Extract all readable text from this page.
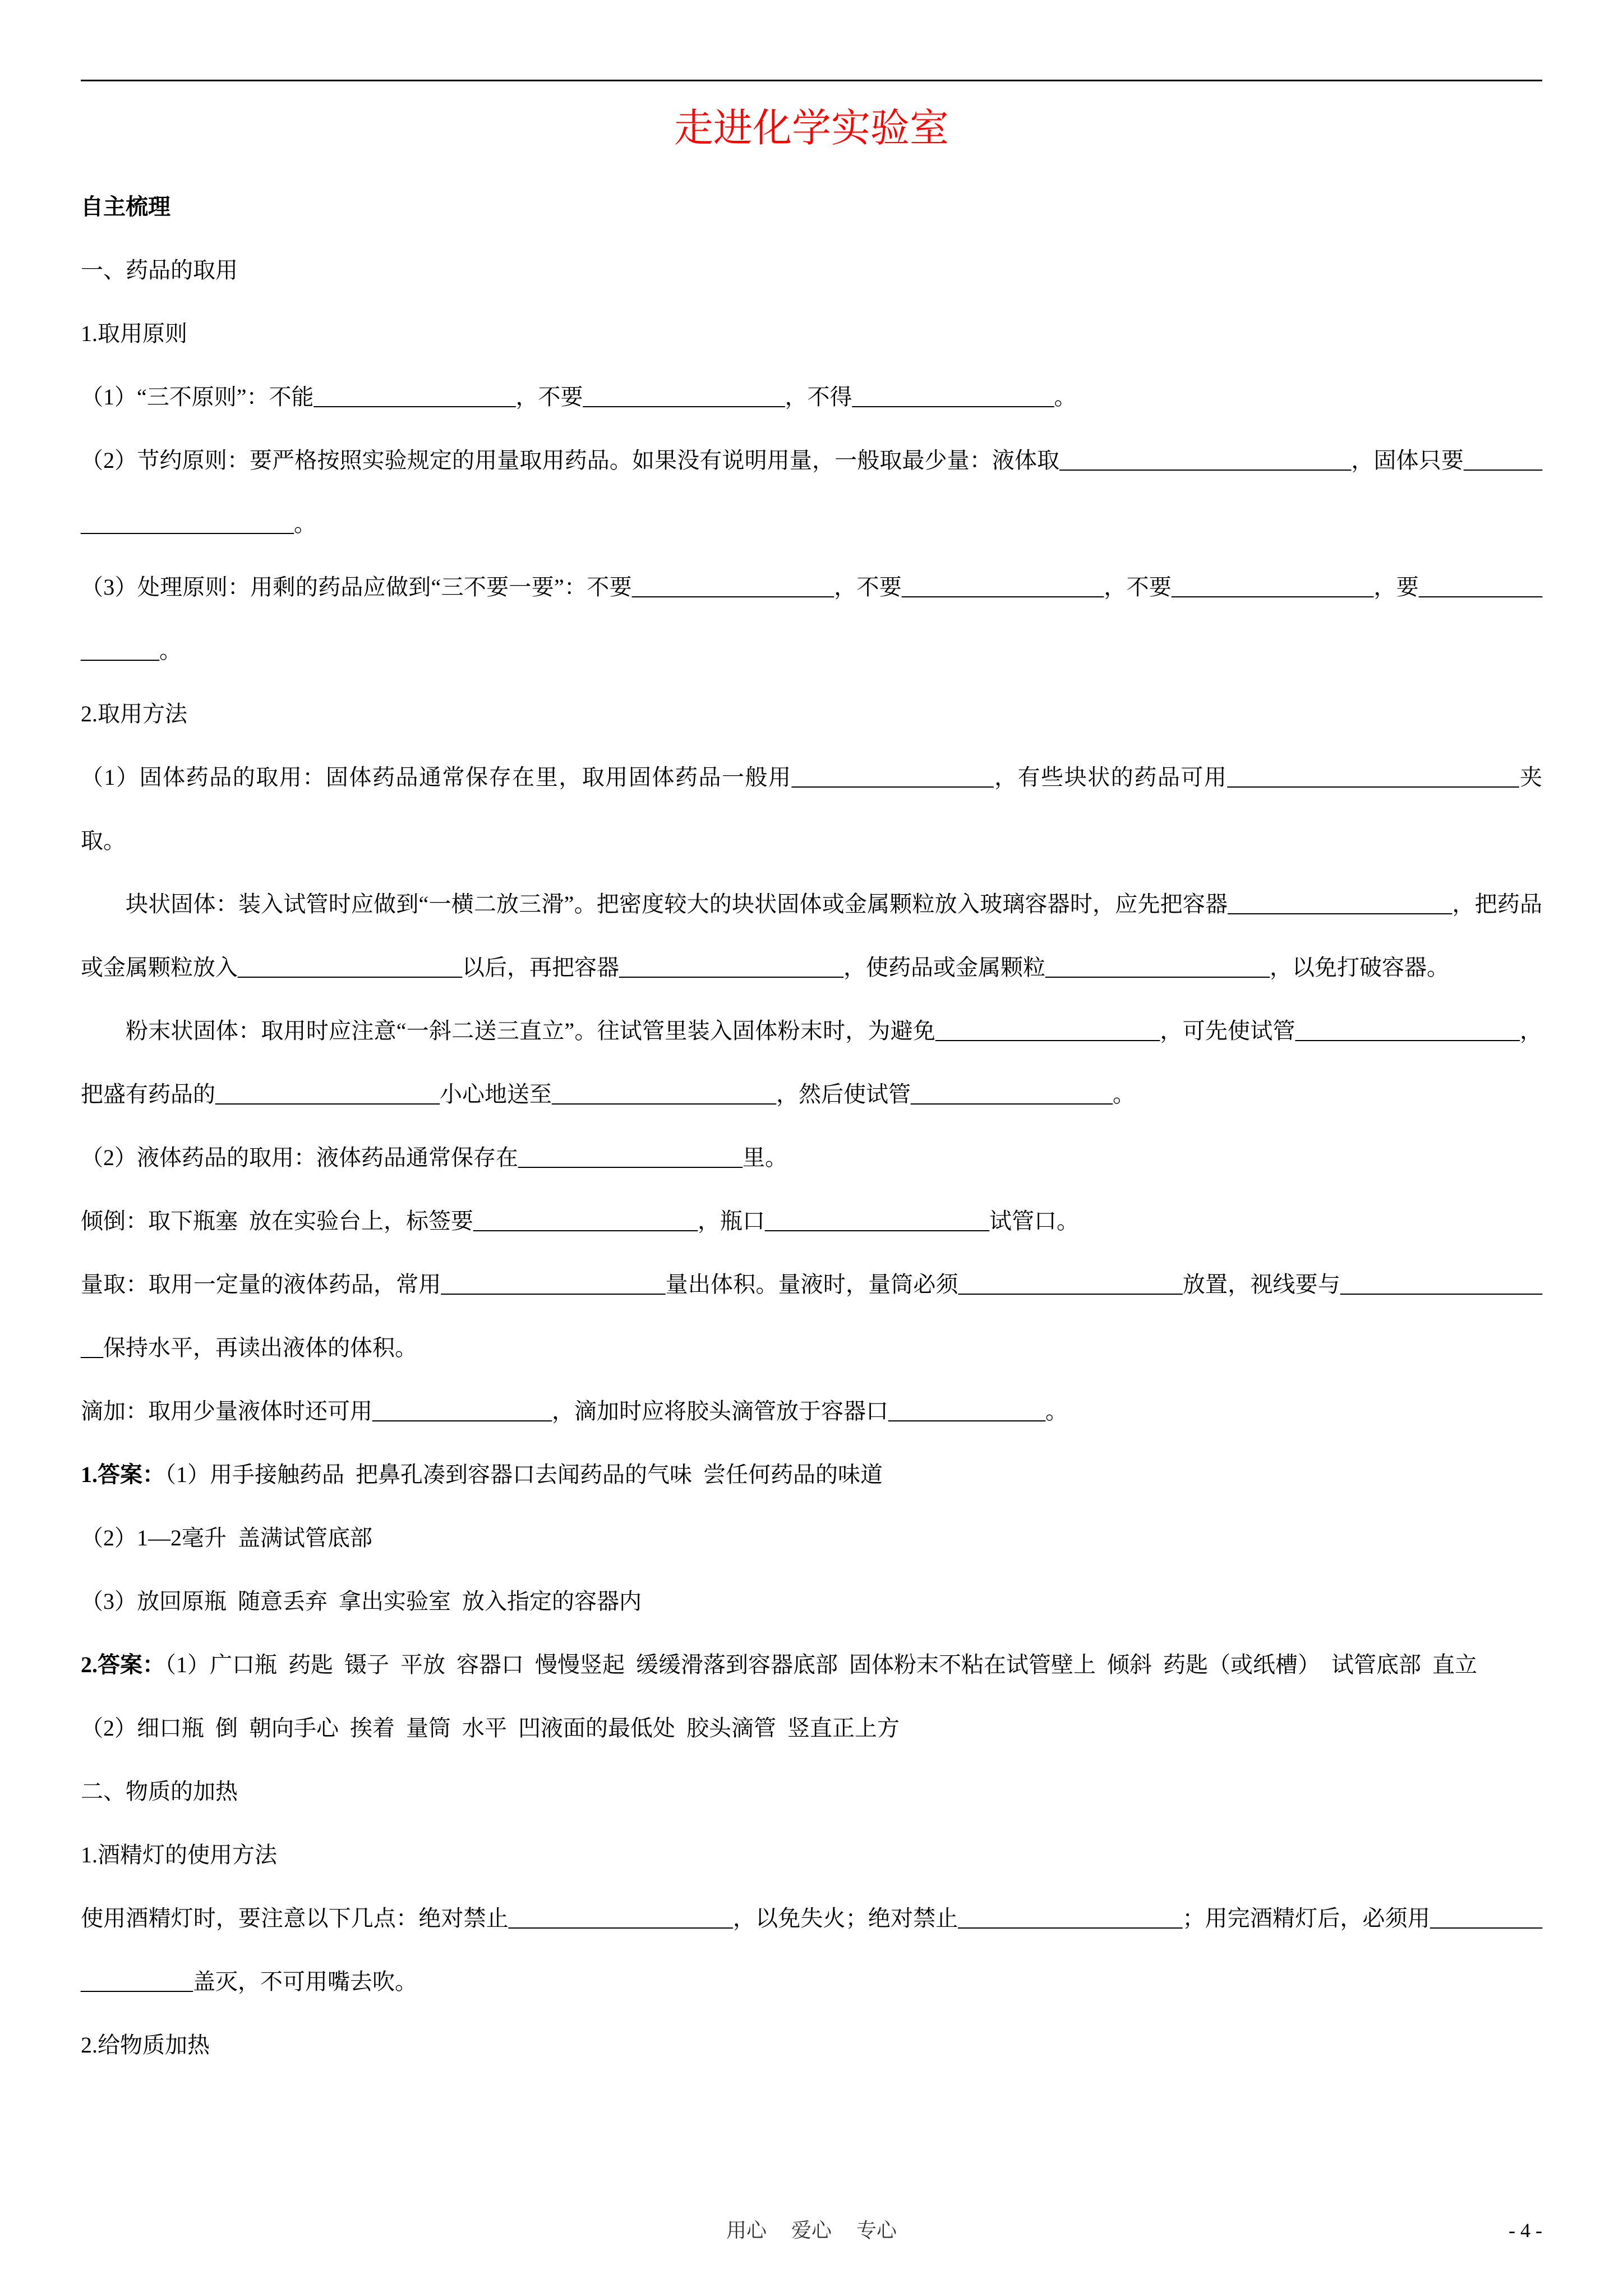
走进化学实验室

自主梳理

一、药品的取用

1.取用原则

（1）“三不原则”：不能__________________，不要__________________，不得__________________。

（2）节约原则：要严格按照实验规定的用量取用药品。如果没有说明用量，一般取最少量：液体取__________________________，固体只要__________________________。

（3）处理原则：用剩的药品应做到“三不要一要”：不要__________________，不要__________________，不要__________________，要__________________。

2.取用方法

（1）固体药品的取用：固体药品通常保存在里，取用固体药品一般用__________________，有些块状的药品可用__________________________夹取。

块状固体：装入试管时应做到“一横二放三滑”。把密度较大的块状固体或金属颗粒放入玻璃容器时，应先把容器____________________，把药品或金属颗粒放入____________________以后，再把容器____________________，使药品或金属颗粒____________________，以免打破容器。

粉末状固体：取用时应注意“一斜二送三直立”。往试管里装入固体粉末时，为避免____________________，可先使试管____________________，把盛有药品的____________________小心地送至____________________，然后使试管__________________。

（2）液体药品的取用：液体药品通常保存在____________________里。

倾倒：取下瓶塞  放在实验台上，标签要____________________，瓶口____________________试管口。

量取：取用一定量的液体药品，常用____________________量出体积。量液时，量筒必须____________________放置，视线要与____________________保持水平，再读出液体的体积。

滴加：取用少量液体时还可用________________，滴加时应将胶头滴管放于容器口______________。

1.答案：（1）用手接触药品  把鼻孔凑到容器口去闻药品的气味  尝任何药品的味道

（2）1—2毫升  盖满试管底部

（3）放回原瓶  随意丢弃  拿出实验室  放入指定的容器内

2.答案：（1）广口瓶  药匙  镊子  平放  容器口  慢慢竖起  缓缓滑落到容器底部  固体粉末不粘在试管壁上  倾斜  药匙（或纸槽）  试管底部  直立

（2）细口瓶  倒  朝向手心  挨着  量筒  水平  凹液面的最低处  胶头滴管  竖直正上方

二、物质的加热

1.酒精灯的使用方法

使用酒精灯时，要注意以下几点：绝对禁止____________________，以免失火；绝对禁止____________________；用完酒精灯后，必须用____________________盖灭，不可用嘴去吹。

2.给物质加热

用心 爱心 专心	- 4 -
